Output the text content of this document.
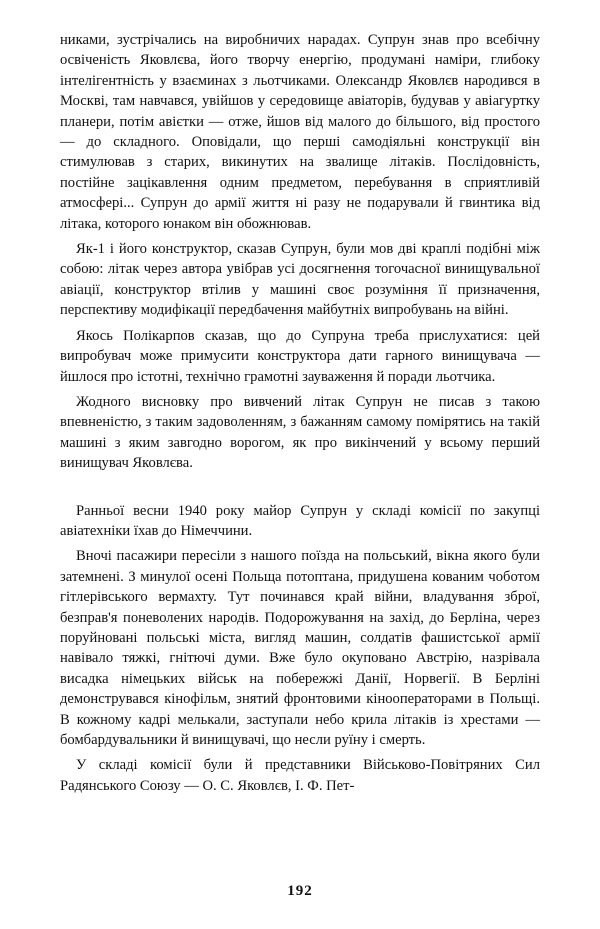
никами, зустрічались на виробничих нарадах. Супрун знав про всебічну освіченість Яковлєва, його творчу енергію, продумані наміри, глибоку інтелігентність у взаєминах з льотчиками. Олександр Яковлєв народився в Москві, там навчався, увійшов у середовище авіаторів, будував у авіагуртку планери, потім авієтки — отже, йшов від малого до більшого, від простого — до складного. Оповідали, що перші самодіяльні конструкції він стимулював з старих, викинутих на звалище літаків. Послідовність, постійне зацікавлення одним предметом, перебування в сприятливій атмосфері... Супрун до армії життя ні разу не подарували й гвинтика від літака, которого юнаком він обожнював.

Як-1 і його конструктор, сказав Супрун, були мов дві краплі подібні між собою: літак через автора увібрав усі досягнення тогочасної винищувальної авіації, конструктор втілив у машині своє розуміння її призначення, перспективу модифікації передбачення майбутніх випробувань на війні.

Якось Полікарпов сказав, що до Супруна треба прислухатися: цей випробувач може примусити конструктора дати гарного винищувача — йшлося про істотні, технічно грамотні зауваження й поради льотчика.

Жодного висновку про вивчений літак Супрун не писав з такою впевненістю, з таким задоволенням, з бажанням самому помірятись на такій машині з яким завгодно ворогом, як про викінчений у всьому перший винищувач Яковлєва.

Ранньої весни 1940 року майор Супрун у складі комісії по закупці авіатехніки їхав до Німеччини.

Вночі пасажири пересіли з нашого поїзда на польський, вікна якого були затемнені. З минулої осені Польща потоптана, придушена кованим чоботом гітлерівського вермахту. Тут починався край війни, владування зброї, безправ'я поневолених народів. Подорожування на захід, до Берліна, через поруйновані польські міста, вигляд машин, солдатів фашистської армії навівало тяжкі, гнітючі думи. Вже було окуповано Австрію, назрівала висадка німецьких військ на побережжі Данії, Норвегії. В Берліні демонструвався кінофільм, знятий фронтовими кінооператорами в Польщі. В кожному кадрі мелькали, заступали небо крила літаків із хрестами — бомбардувальники й винищувачі, що несли руїну і смерть.

У складі комісії були й представники Військово-Повітряних Сил Радянського Союзу — О. С. Яковлєв, І. Ф. Пет-

192
